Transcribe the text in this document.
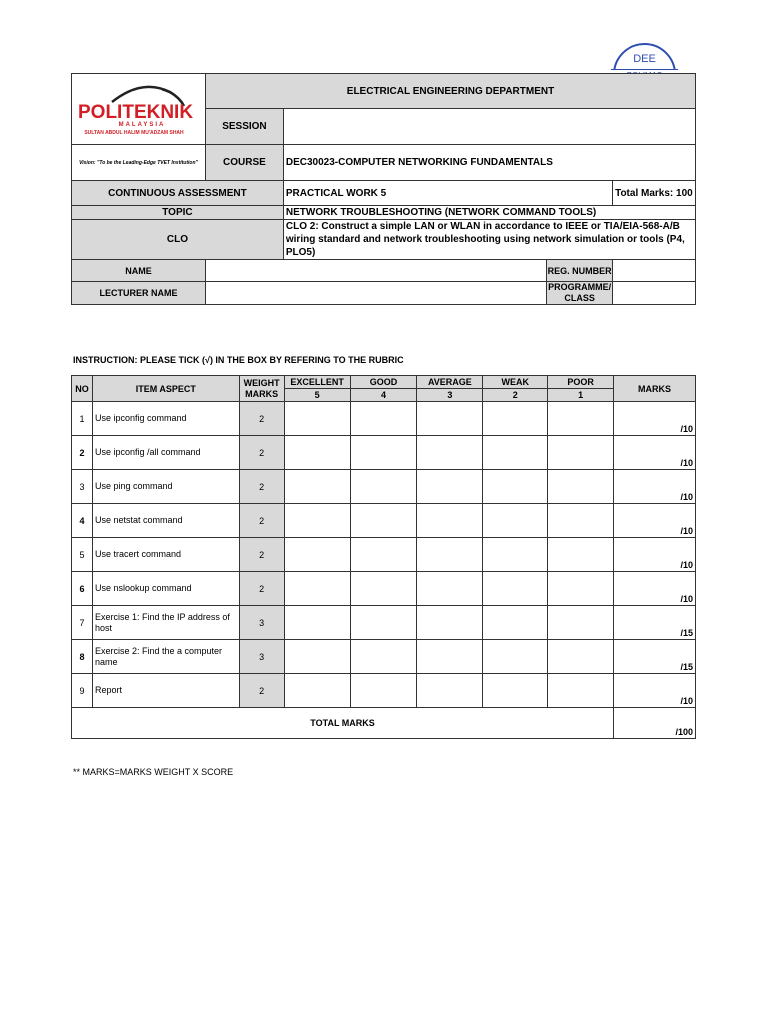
DEE
POLITEKNIK
MALAYSIA
SULTAN ABDUL HALIM MU'ADZAM SHAH	ELECTRICAL ENGINEERING DEPARTMENT			
	SESSION			
Vision: "To be the Leading-Edge TVET Institution"	COURSE	DEC30023-COMPUTER NETWORKING FUNDAMENTALS		
CONTINUOUS ASSESSMENT		PRACTICAL WORK 5		Total Marks: 100
TOPIC		NETWORK TROUBLESHOOTING (NETWORK COMMAND TOOLS)		
CLO		CLO 2: Construct a simple LAN or WLAN in accordance to IEEE or TIA/EIA-568-A/B wiring standard and network troubleshooting using network simulation or tools (P4, PLO5)		
NAME			REG. NUMBER	
LECTURER NAME			PROGRAMME/ CLASS	
INSTRUCTION: PLEASE TICK (√) IN THE BOX BY REFERING TO THE RUBRIC
NO	ITEM ASPECT	WEIGHT MARKS	EXCELLENT	GOOD	AVERAGE	WEAK	POOR	MARKS
			5	4	3	2	1	
1	Use ipconfig command	2						/10
2	Use ipconfig /all command	2						/10
3	Use ping command	2						/10
4	Use netstat command	2						/10
5	Use tracert command	2						/10
6	Use nslookup command	2						/10
7	Exercise 1: Find the IP address of host	3						/15
8	Exercise 2: Find the a computer name	3						/15
9	Report	2						/10
TOTAL MARKS								/100
** MARKS=MARKS WEIGHT X SCORE
